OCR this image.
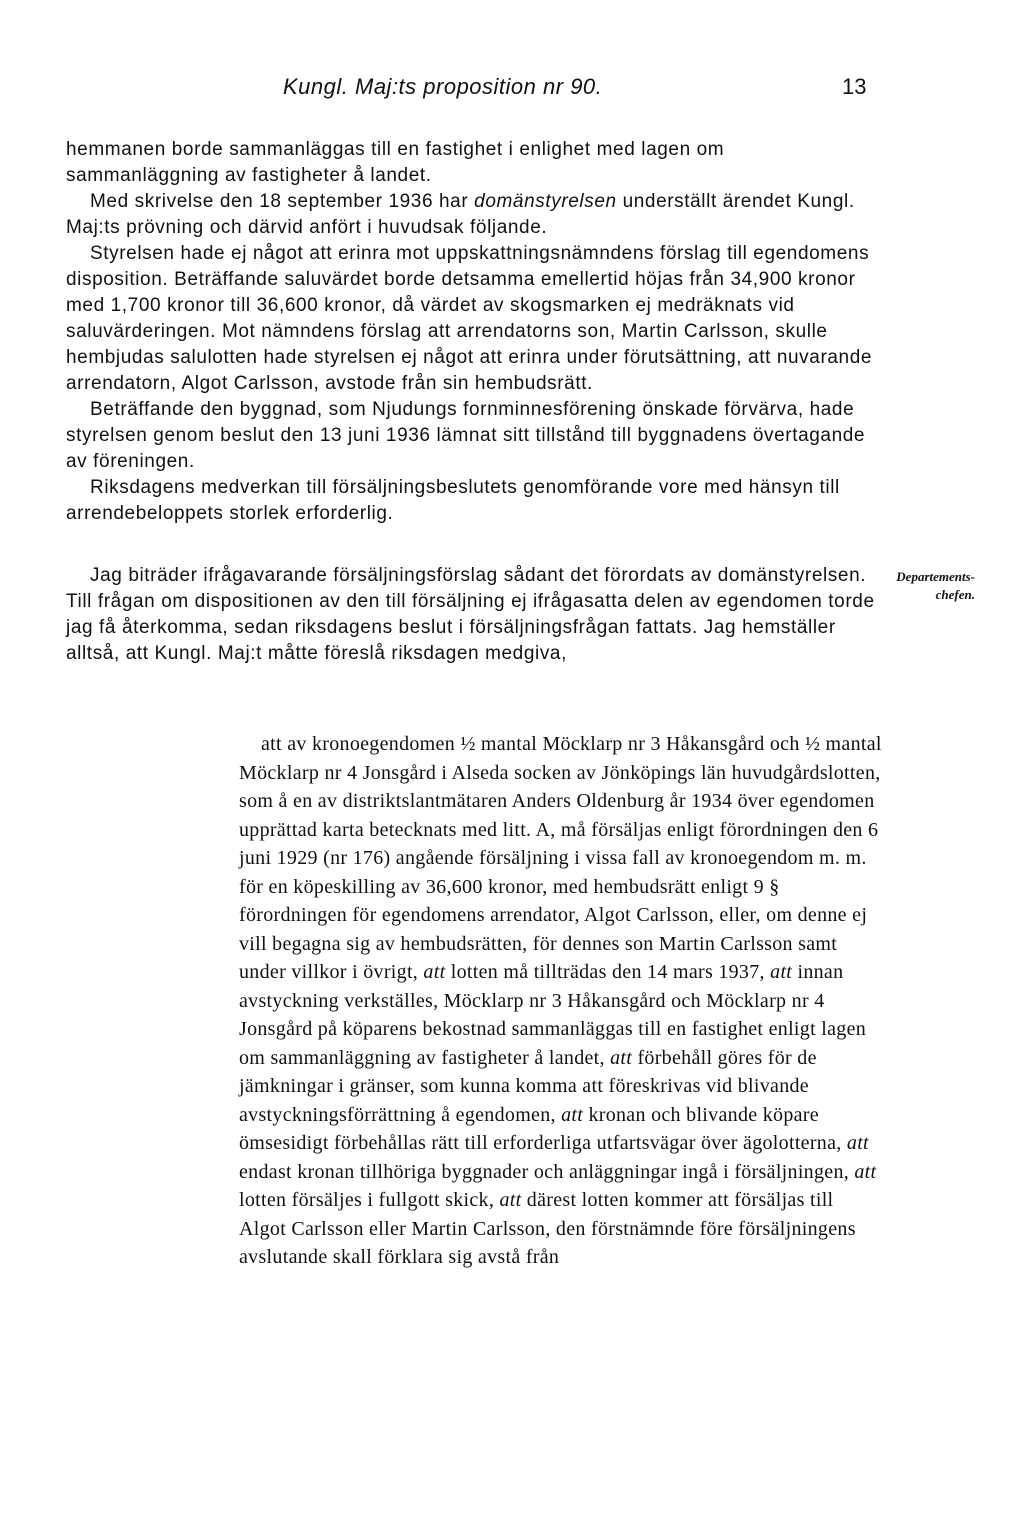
Kungl. Maj:ts proposition nr 90.	13

hemmanen borde sammanläggas till en fastighet i enlighet med lagen om sammanläggning av fastigheter å landet.

Med skrivelse den 18 september 1936 har domänstyrelsen underställt ärendet Kungl. Maj:ts prövning och därvid anfört i huvudsak följande.

Styrelsen hade ej något att erinra mot uppskattningsnämndens förslag till egendomens disposition. Beträffande saluvärdet borde detsamma emellertid höjas från 34,900 kronor med 1,700 kronor till 36,600 kronor, då värdet av skogsmarken ej medräknats vid saluvärderingen. Mot nämndens förslag att arrendatorns son, Martin Carlsson, skulle hembjudas salulotten hade styrelsen ej något att erinra under förutsättning, att nuvarande arrendatorn, Algot Carlsson, avstode från sin hembudsrätt.

Beträffande den byggnad, som Njudungs fornminnesförening önskade förvärva, hade styrelsen genom beslut den 13 juni 1936 lämnat sitt tillstånd till byggnadens övertagande av föreningen.

Riksdagens medverkan till försäljningsbeslutets genomförande vore med hänsyn till arrendebeloppets storlek erforderlig.

Jag biträder ifrågavarande försäljningsförslag sådant det förordats av domänstyrelsen. Till frågan om dispositionen av den till försäljning ej ifrågasatta delen av egendomen torde jag få återkomma, sedan riksdagens beslut i försäljningsfrågan fattats. Jag hemställer alltså, att Kungl. Maj:t måtte föreslå riksdagen medgiva,

Departements-
chefen.

att av kronoegendomen ½ mantal Möcklarp nr 3 Håkansgård och ½ mantal Möcklarp nr 4 Jonsgård i Alseda socken av Jönköpings län huvudgårdslotten, som å en av distriktslantmätaren Anders Oldenburg år 1934 över egendomen upprättad karta betecknats med litt. A, må försäljas enligt förordningen den 6 juni 1929 (nr 176) angående försäljning i vissa fall av kronoegendom m. m. för en köpeskilling av 36,600 kronor, med hembudsrätt enligt 9 § förordningen för egendomens arrendator, Algot Carlsson, eller, om denne ej vill begagna sig av hembudsrätten, för dennes son Martin Carlsson samt under villkor i övrigt, att lotten må tillträdas den 14 mars 1937, att innan avstyckning verkställes, Möcklarp nr 3 Håkansgård och Möcklarp nr 4 Jonsgård på köparens bekostnad sammanläggas till en fastighet enligt lagen om sammanläggning av fastigheter å landet, att förbehåll göres för de jämkningar i gränser, som kunna komma att föreskrivas vid blivande avstyckningsförrättning å egendomen, att kronan och blivande köpare ömsesidigt förbehållas rätt till erforderliga utfartsvägar över ägolotterna, att endast kronan tillhöriga byggnader och anläggningar ingå i försäljningen, att lotten försäljes i fullgott skick, att därest lotten kommer att försäljas till Algot Carlsson eller Martin Carlsson, den förstnämnde före försäljningens avslutande skall förklara sig avstå från
